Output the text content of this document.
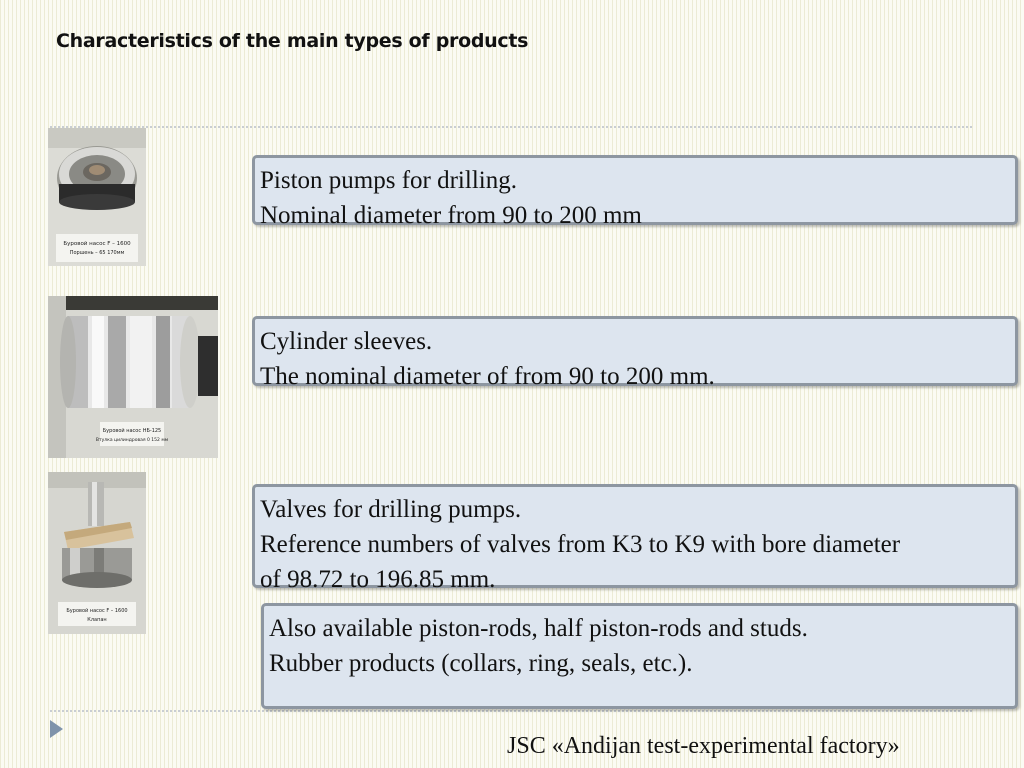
Characteristics of the main types of products
Буровой насос F – 1600
Поршень – 65 170мм
Буровой насос НБ-125
Втулка цилиндровая 0 152 мм
Буровой насос F – 1600
Клапан
Piston pumps for drilling.
Nominal diameter from 90 to 200 mm
Cylinder sleeves.
The nominal diameter of from 90 to 200 mm.
Valves for drilling pumps.
Reference numbers of valves from K3 to K9 with bore diameter
of 98.72 to 196.85 mm.
Also available piston-rods, half piston-rods and studs.
Rubber products (collars, ring, seals, etc.).
JSC «Andijan test-experimental factory»
